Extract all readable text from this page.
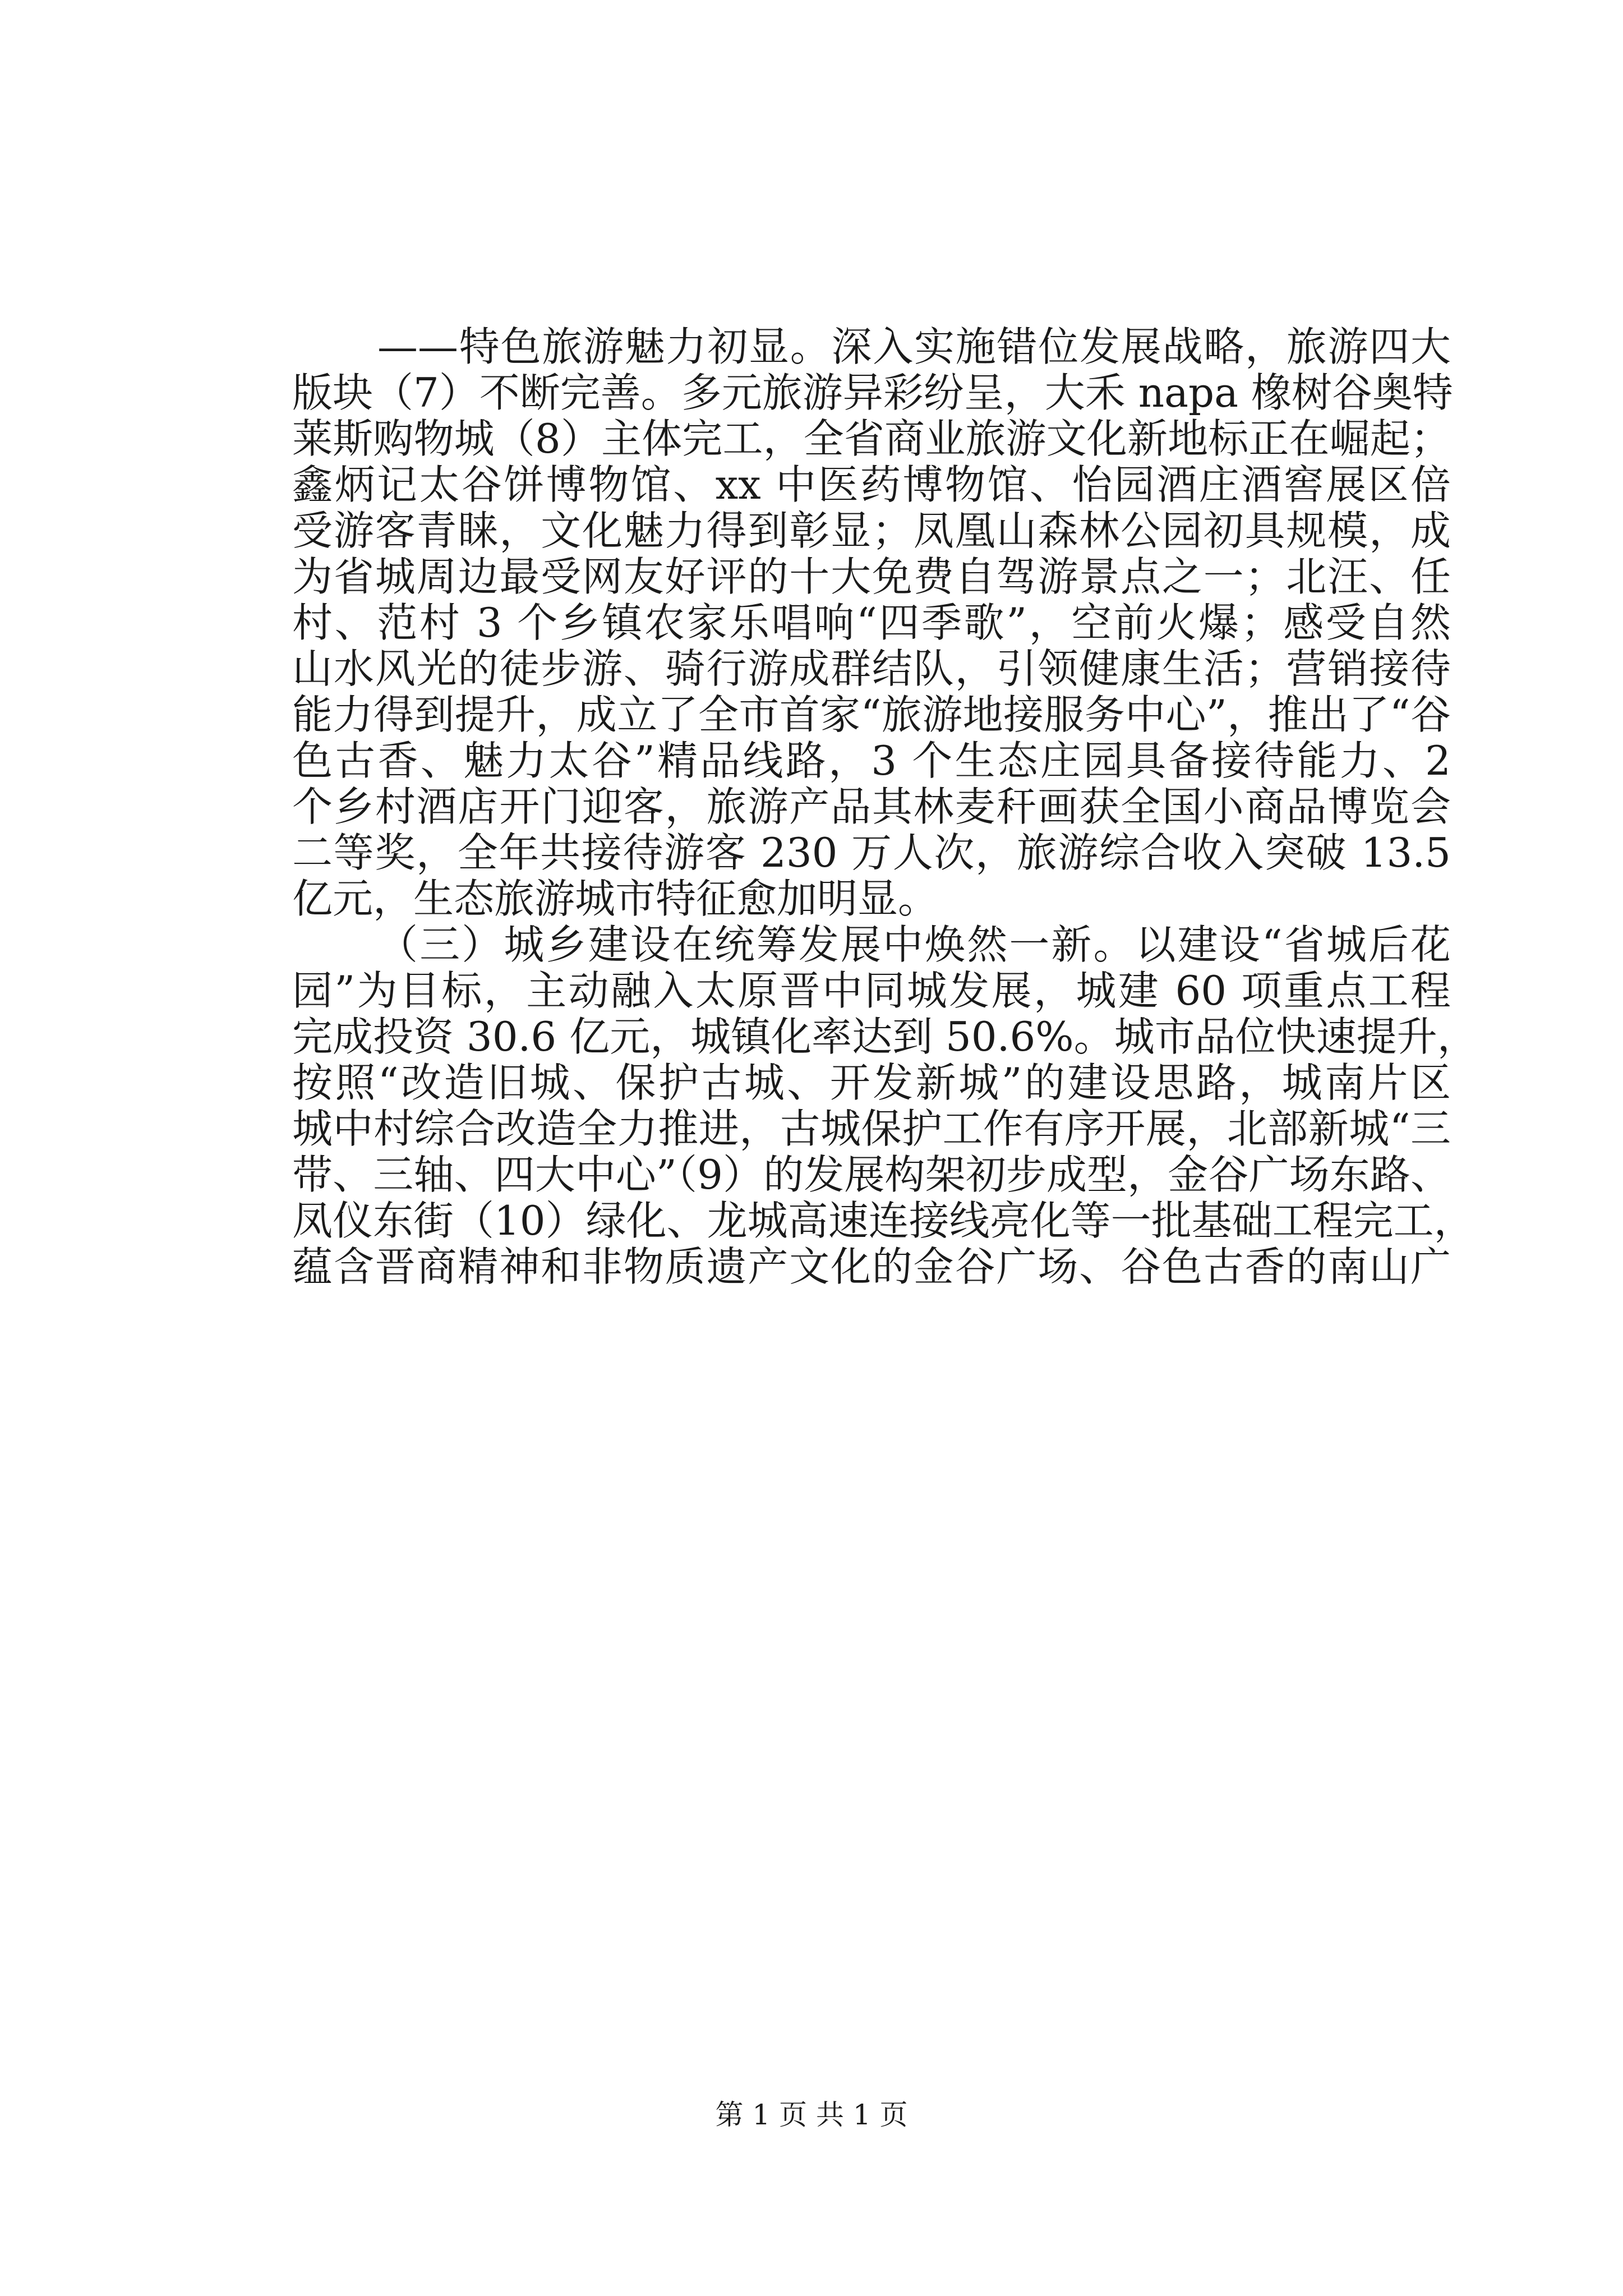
——特色旅游魅力初显。深入实施错位发展战略，旅游四大
版块（7）不断完善。多元旅游异彩纷呈，大禾 napa 橡树谷奥特
莱斯购物城（8）主体完工，全省商业旅游文化新地标正在崛起；
鑫炳记太谷饼博物馆、xx 中医药博物馆、怡园酒庄酒窖展区倍
受游客青睐，文化魅力得到彰显；凤凰山森林公园初具规模，成
为省城周边最受网友好评的十大免费自驾游景点之一；北汪、任
村、范村 3 个乡镇农家乐唱响“四季歌”，空前火爆；感受自然
山水风光的徒步游、骑行游成群结队，引领健康生活；营销接待
能力得到提升，成立了全市首家“旅游地接服务中心”，推出了“谷
色古香、魅力太谷”精品线路，3 个生态庄园具备接待能力、2
个乡村酒店开门迎客，旅游产品其林麦秆画获全国小商品博览会
二等奖，全年共接待游客 230 万人次，旅游综合收入突破 13.5
亿元，生态旅游城市特征愈加明显。
（三）城乡建设在统筹发展中焕然一新。以建设“省城后花
园”为目标，主动融入太原晋中同城发展，城建 60 项重点工程
完成投资 30.6 亿元，城镇化率达到 50.6%。城市品位快速提升，
按照“改造旧城、保护古城、开发新城”的建设思路，城南片区
城中村综合改造全力推进，古城保护工作有序开展，北部新城“三
带、三轴、四大中心”（9）的发展构架初步成型，金谷广场东路、
凤仪东街（10）绿化、龙城高速连接线亮化等一批基础工程完工，
蕴含晋商精神和非物质遗产文化的金谷广场、谷色古香的南山广
第 1 页 共 1 页
